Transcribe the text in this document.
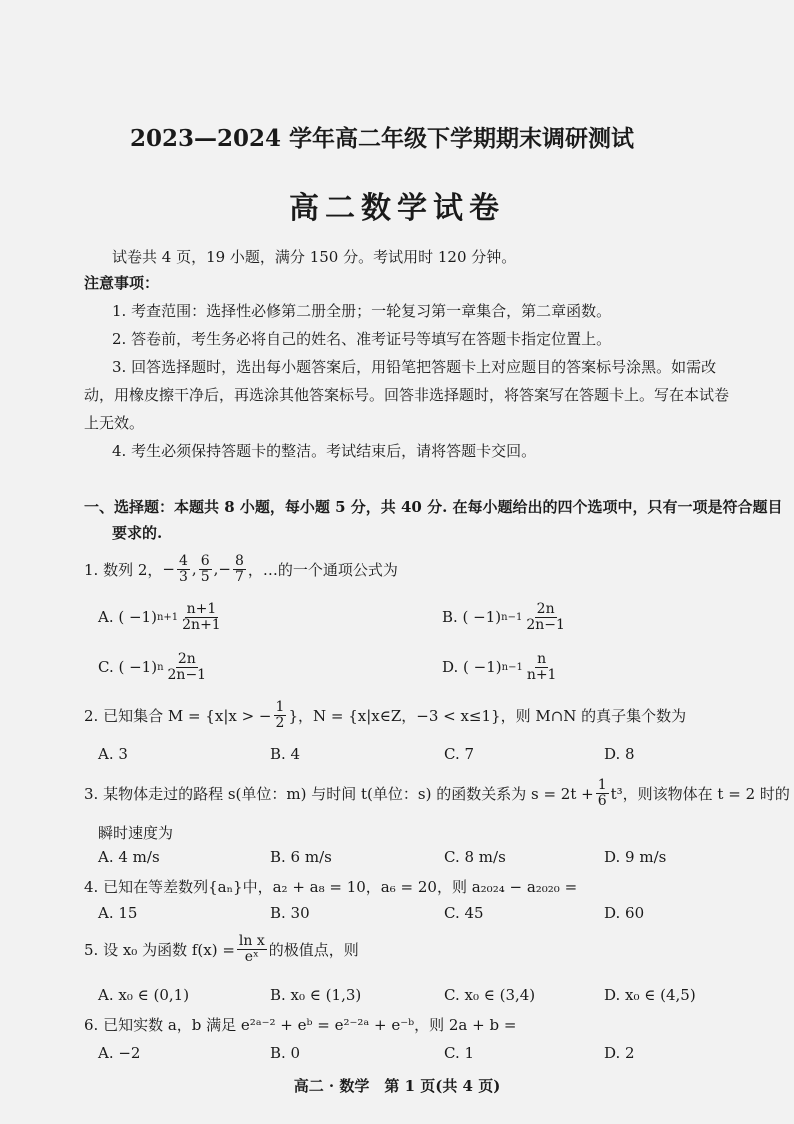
2023—2024 学年高二年级下学期期末调研测试
高二数学试卷
试卷共 4 页，19 小题，满分 150 分。考试用时 120 分钟。
注意事项：
1. 考查范围：选择性必修第二册全册；一轮复习第一章集合，第二章函数。
2. 答卷前，考生务必将自己的姓名、准考证号等填写在答题卡指定位置上。
3. 回答选择题时，选出每小题答案后，用铅笔把答题卡上对应题目的答案标号涂黑。如需改
动，用橡皮擦干净后，再选涂其他答案标号。回答非选择题时，将答案写在答题卡上。写在本试卷
上无效。
4. 考生必须保持答题卡的整洁。考试结束后，请将答题卡交回。
一、选择题：本题共 8 小题，每小题 5 分，共 40 分. 在每小题给出的四个选项中，只有一项是符合题目
要求的.
1. 数列 2， − $\frac{4}{3}$ , $\frac{6}{5}$ , − $\frac{8}{7}$ ，…的一个通项公式为
A. ( −1) $n+1 \frac{n+1}{2n+1}$	B. ( −1) $n-1 \frac{2n}{2n-1}$
C. ( −1) n $\frac{2n}{2n-1}$	D. ( −1) $n-1 \frac{n}{n+1}$
2. 已知集合 M = {x|x > − $\frac{1}{2}$ }，N = {x|x∈Z，−3 < x≤1}，则 M∩N 的真子集个数为
A. 3	B. 4	C. 7	D. 8
3. 某物体走过的路程 s(单位：m) 与时间 t(单位：s) 的函数关系为 $s = 2t + \frac{1}{6} t^3$，则该物体在 t = 2 时的
瞬时速度为
A. 4 m/s	B. 6 m/s	C. 8 m/s	D. 9 m/s
4. 已知在等差数列{aₙ}中，a₂ + a₈ = 10，a₆ = 20，则 a₂₀₂₄ − a₂₀₂₀ =
A. 15	B. 30	C. 45	D. 60
5. 设 x₀ 为函数 $f(x) = \frac{\text{ln x}}{\text{eˣ}}$ 的极值点，则
A. x₀ ∈ (0,1)	B. x₀ ∈ (1,3)	C. x₀ ∈ (3,4)	D. x₀ ∈ (4,5)
6. 已知实数 a，b 满足 e²ᵃ⁻² + eᵇ = e²⁻²ᵃ + e⁻ᵇ，则 2a + b =
A. −2	B. 0	C. 1	D. 2
高二 · 数学　第 1 页(共 4 页)
